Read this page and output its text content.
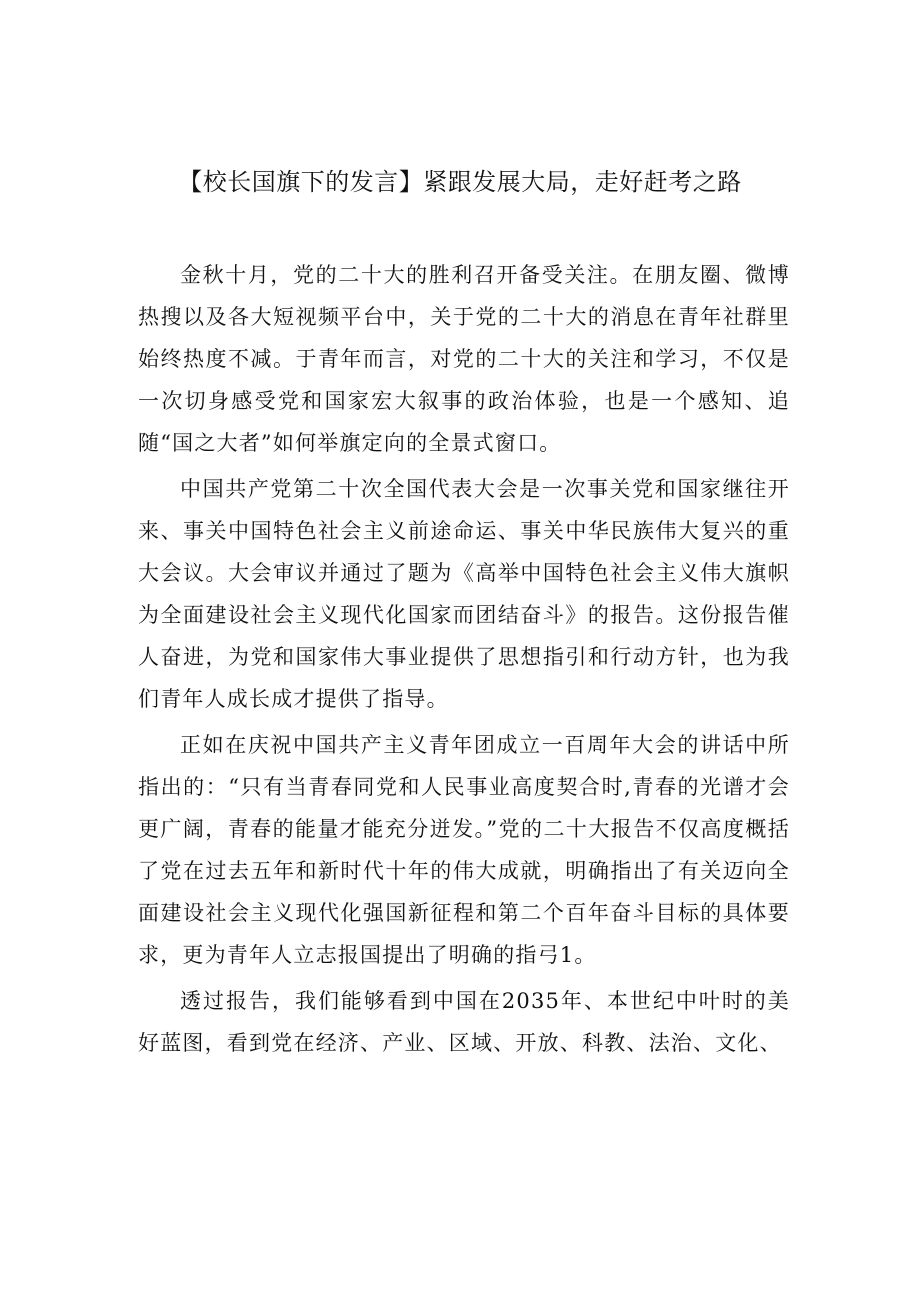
【校长国旗下的发言】紧跟发展大局，走好赶考之路

金秋十月，党的二十大的胜利召开备受关注。在朋友圈、微博热搜以及各大短视频平台中，关于党的二十大的消息在青年社群里始终热度不减。于青年而言，对党的二十大的关注和学习，不仅是一次切身感受党和国家宏大叙事的政治体验，也是一个感知、追随“国之大者”如何举旗定向的全景式窗口。

中国共产党第二十次全国代表大会是一次事关党和国家继往开来、事关中国特色社会主义前途命运、事关中华民族伟大复兴的重大会议。大会审议并通过了题为《高举中国特色社会主义伟大旗帜为全面建设社会主义现代化国家而团结奋斗》的报告。这份报告催人奋进，为党和国家伟大事业提供了思想指引和行动方针，也为我们青年人成长成才提供了指导。

正如在庆祝中国共产主义青年团成立一百周年大会的讲话中所指出的：“只有当青春同党和人民事业高度契合时,青春的光谱才会更广阔，青春的能量才能充分迸发。”党的二十大报告不仅高度概括了党在过去五年和新时代十年的伟大成就，明确指出了有关迈向全面建设社会主义现代化强国新征程和第二个百年奋斗目标的具体要求，更为青年人立志报国提出了明确的指弓1。

透过报告，我们能够看到中国在2035年、本世纪中叶时的美好蓝图，看到党在经济、产业、区域、开放、科教、法治、文化、
